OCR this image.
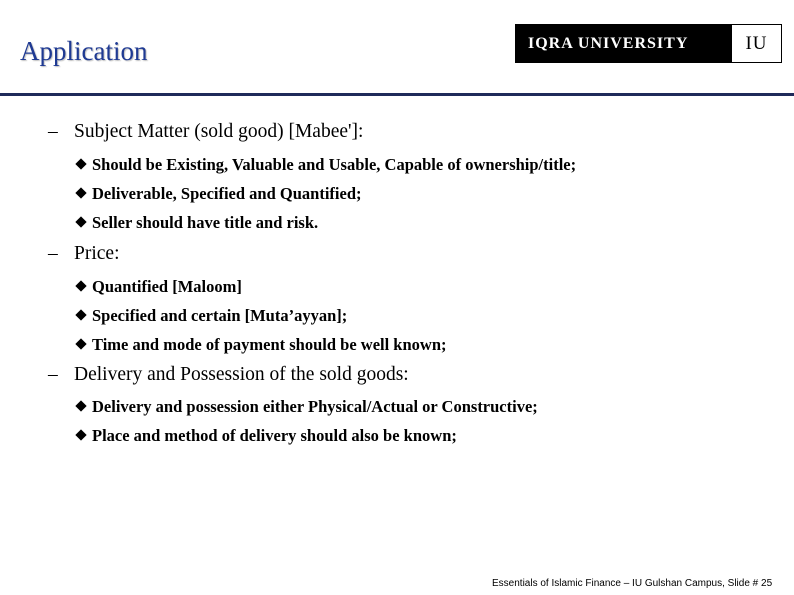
Application	IQRA UNIVERSITY	IU
– Subject Matter (sold good) [Mabee']:
Should be Existing, Valuable and Usable, Capable of ownership/title;
Deliverable, Specified and Quantified;
Seller should have title and risk.
– Price:
Quantified [Maloom]
Specified and certain [Muta’ayyan];
Time and mode of payment should be well known;
– Delivery and Possession of the sold goods:
Delivery and possession either Physical/Actual or Constructive;
Place and method of delivery should also be known;
Essentials of Islamic Finance – IU Gulshan Campus, Slide # 25
